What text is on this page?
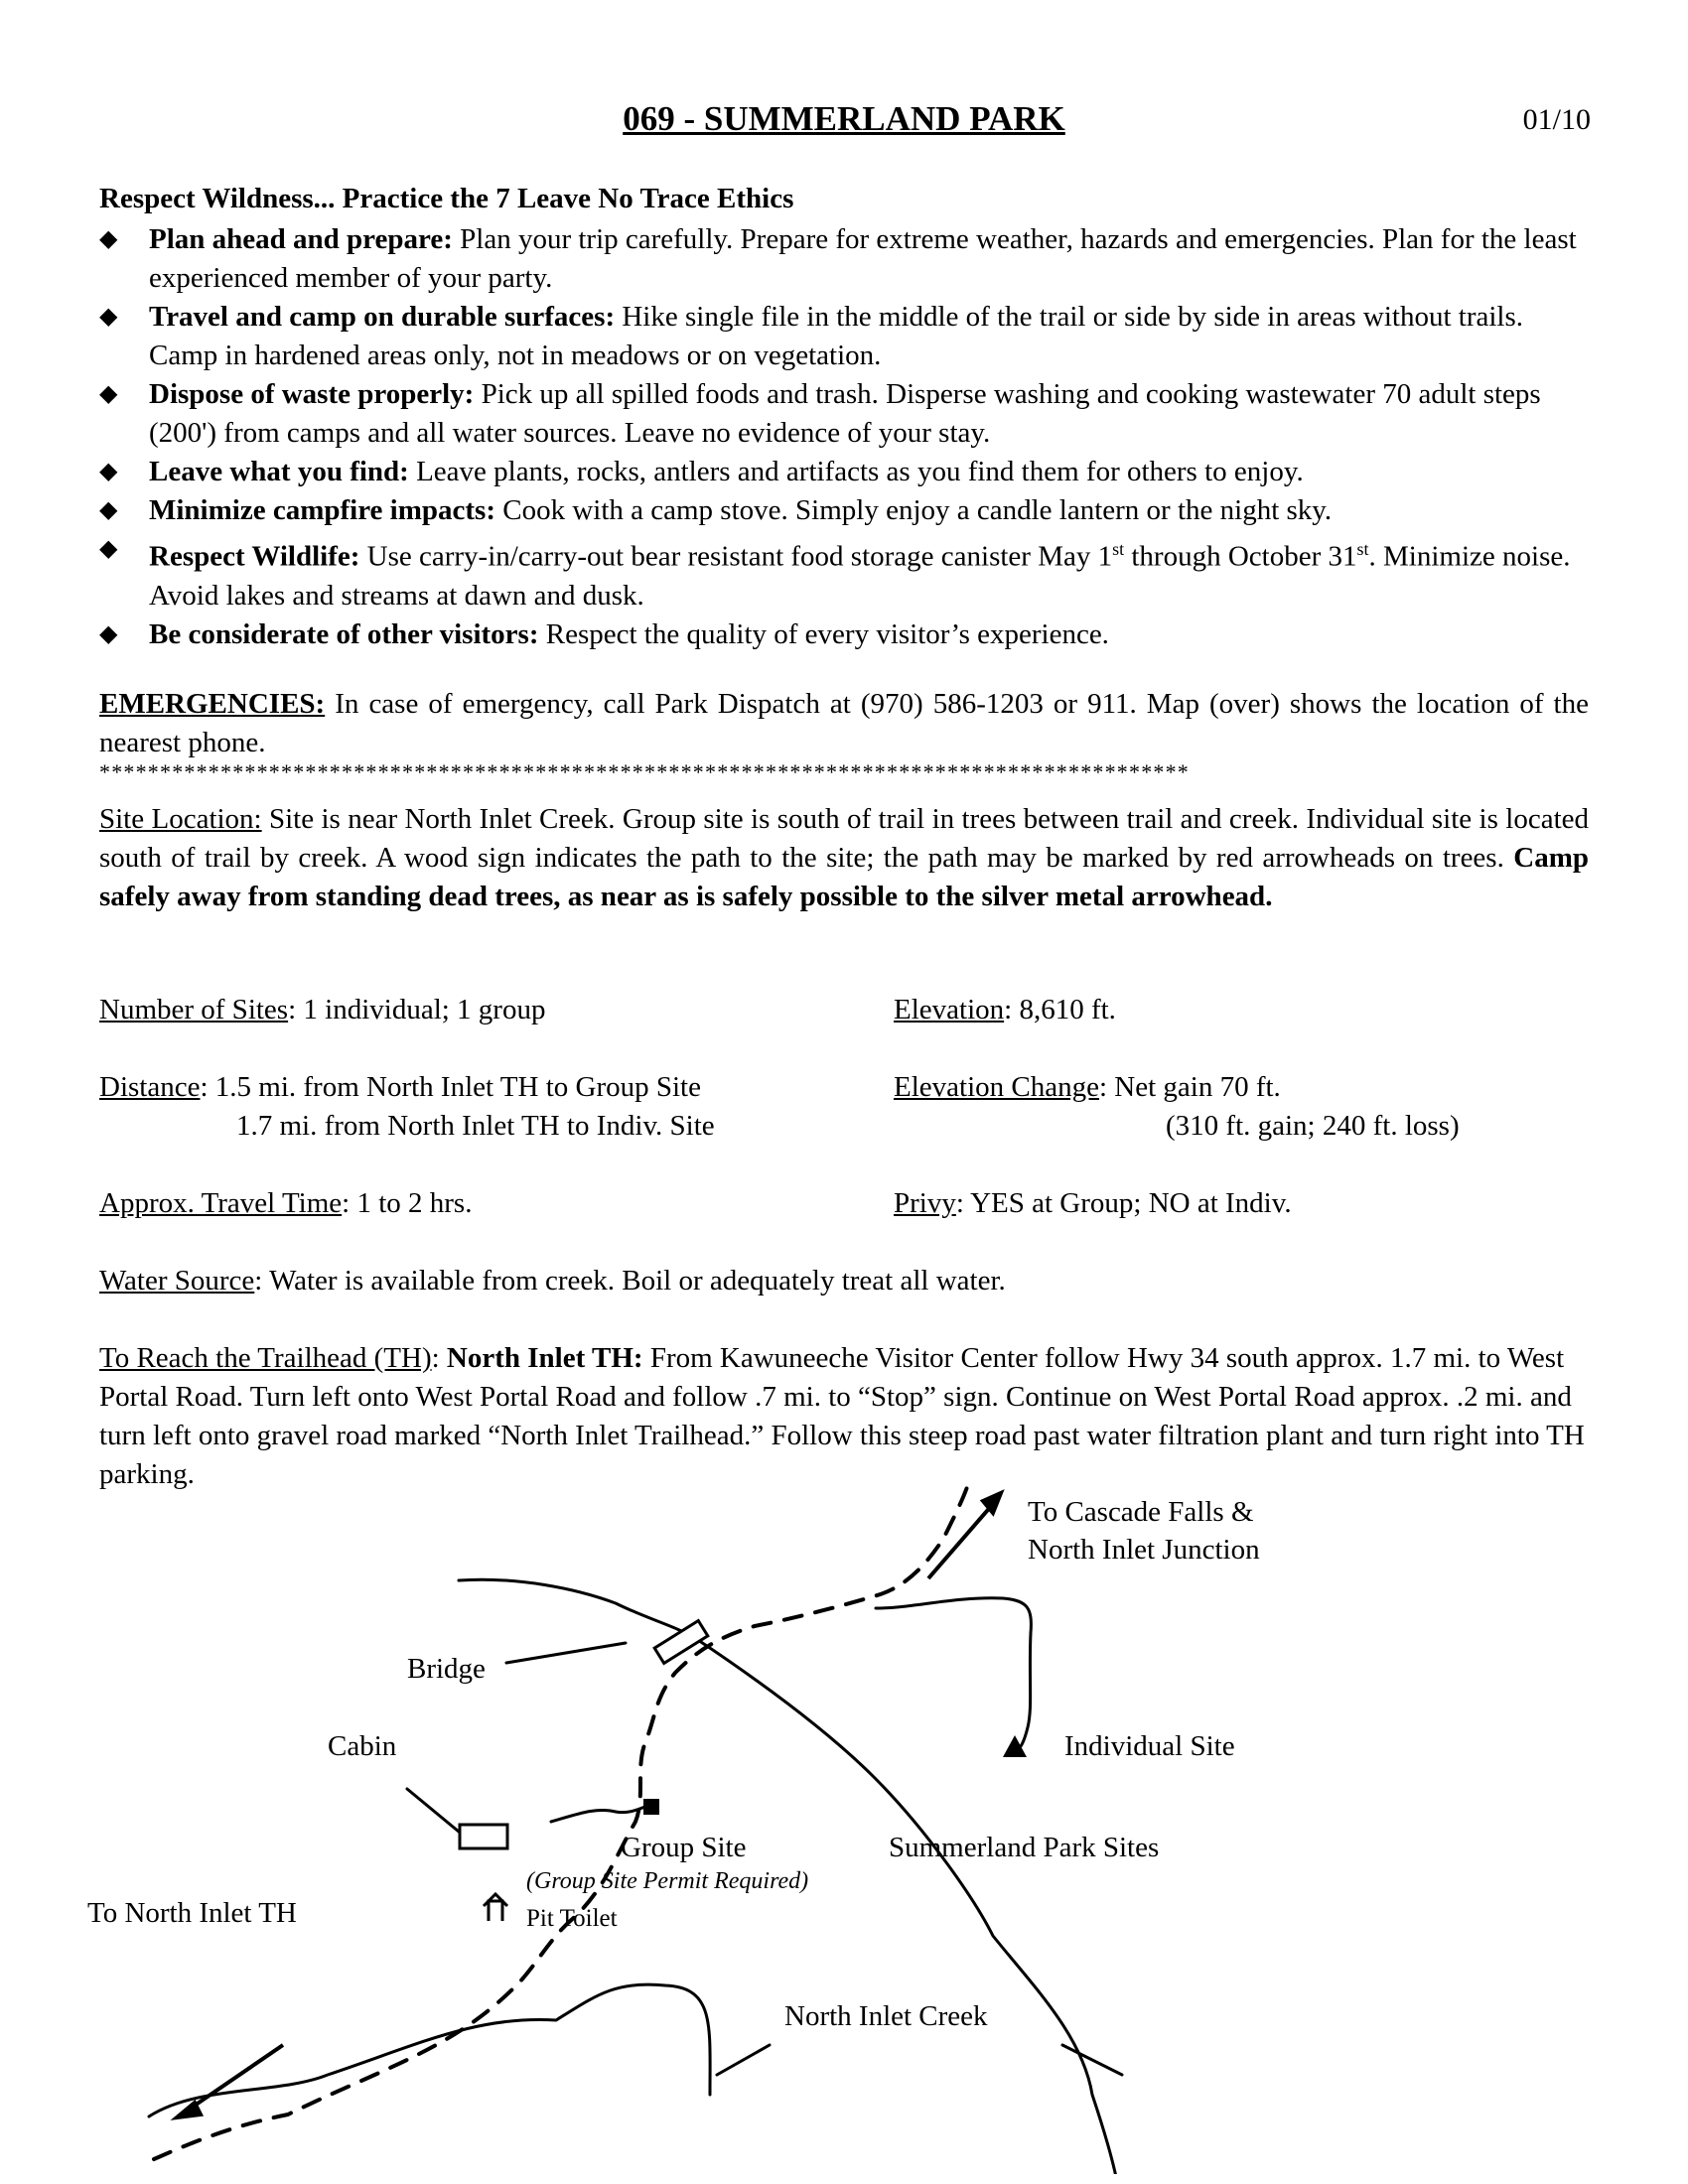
069 - SUMMERLAND PARK	01/10
Respect Wildness... Practice the 7 Leave No Trace Ethics
◆ Plan ahead and prepare: Plan your trip carefully. Prepare for extreme weather, hazards and emergencies. Plan for the least experienced member of your party.
◆ Travel and camp on durable surfaces: Hike single file in the middle of the trail or side by side in areas without trails. Camp in hardened areas only, not in meadows or on vegetation.
◆ Dispose of waste properly: Pick up all spilled foods and trash. Disperse washing and cooking wastewater 70 adult steps (200') from camps and all water sources. Leave no evidence of your stay.
◆ Leave what you find: Leave plants, rocks, antlers and artifacts as you find them for others to enjoy.
◆ Minimize campfire impacts: Cook with a camp stove. Simply enjoy a candle lantern or the night sky.
◆ Respect Wildlife: Use carry-in/carry-out bear resistant food storage canister May 1st through October 31st. Minimize noise. Avoid lakes and streams at dawn and dusk.
◆ Be considerate of other visitors: Respect the quality of every visitor’s experience.
EMERGENCIES: In case of emergency, call Park Dispatch at (970) 586-1203 or 911. Map (over) shows the location of the nearest phone.
******************************************************************************************
Site Location: Site is near North Inlet Creek. Group site is south of trail in trees between trail and creek. Individual site is located south of trail by creek. A wood sign indicates the path to the site; the path may be marked by red arrowheads on trees. Camp safely away from standing dead trees, as near as is safely possible to the silver metal arrowhead.
Number of Sites: 1 individual; 1 group	Elevation: 8,610 ft.
Distance: 1.5 mi. from North Inlet TH to Group Site
1.7 mi. from North Inlet TH to Indiv. Site
Elevation Change: Net gain 70 ft.
(310 ft. gain; 240 ft. loss)
Approx. Travel Time: 1 to 2 hrs.	Privy: YES at Group; NO at Indiv.
Water Source: Water is available from creek. Boil or adequately treat all water.
To Reach the Trailhead (TH): North Inlet TH: From Kawuneeche Visitor Center follow Hwy 34 south approx. 1.7 mi. to West Portal Road. Turn left onto West Portal Road and follow .7 mi. to “Stop” sign. Continue on West Portal Road approx. .2 mi. and turn left onto gravel road marked “North Inlet Trailhead.” Follow this steep road past water filtration plant and turn right into TH parking.
To Cascade Falls &
North Inlet Junction
Bridge
Cabin	Individual Site
Group Site
(Group Site Permit Required)
Summerland Park Sites
To North Inlet TH	Pit Toilet
North Inlet Creek
